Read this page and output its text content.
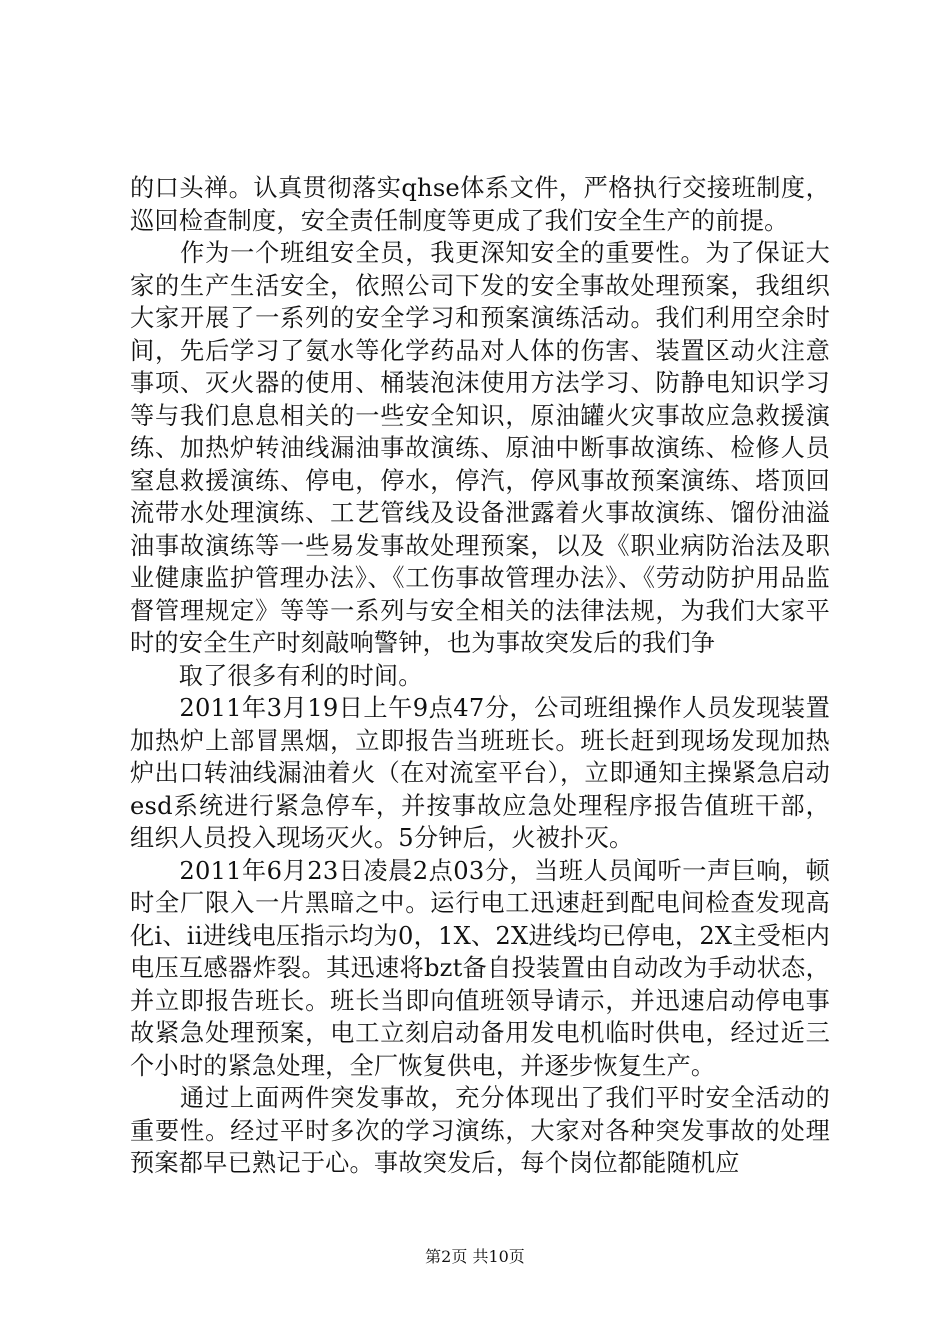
的口头禅。认真贯彻落实qhse体系文件，严格执行交接班制度，巡回检查制度，安全责任制度等更成了我们安全生产的前提。

　　作为一个班组安全员，我更深知安全的重要性。为了保证大家的生产生活安全，依照公司下发的安全事故处理预案，我组织大家开展了一系列的安全学习和预案演练活动。我们利用空余时间，先后学习了氨水等化学药品对人体的伤害、装置区动火注意事项、灭火器的使用、桶装泡沫使用方法学习、防静电知识学习等与我们息息相关的一些安全知识，原油罐火灾事故应急救援演练、加热炉转油线漏油事故演练、原油中断事故演练、检修人员窒息救援演练、停电，停水，停汽，停风事故预案演练、塔顶回流带水处理演练、工艺管线及设备泄露着火事故演练、馏份油溢油事故演练等一些易发事故处理预案，以及《职业病防治法及职业健康监护管理办法》、《工伤事故管理办法》、《劳动防护用品监督管理规定》等等一系列与安全相关的法律法规，为我们大家平时的安全生产时刻敲响警钟，也为事故突发后的我们争

　　取了很多有利的时间。

　　2011年3月19日上午9点47分，公司班组操作人员发现装置加热炉上部冒黑烟，立即报告当班班长。班长赶到现场发现加热炉出口转油线漏油着火（在对流室平台），立即通知主操紧急启动esd系统进行紧急停车，并按事故应急处理程序报告值班干部，组织人员投入现场灭火。5分钟后，火被扑灭。

　　2011年6月23日凌晨2点03分，当班人员闻听一声巨响，顿时全厂限入一片黑暗之中。运行电工迅速赶到配电间检查发现高化i、ii进线电压指示均为0，1X、2X进线均已停电，2X主受柜内电压互感器炸裂。其迅速将bzt备自投装置由自动改为手动状态，并立即报告班长。班长当即向值班领导请示，并迅速启动停电事故紧急处理预案，电工立刻启动备用发电机临时供电，经过近三个小时的紧急处理，全厂恢复供电，并逐步恢复生产。

　　通过上面两件突发事故，充分体现出了我们平时安全活动的重要性。经过平时多次的学习演练，大家对各种突发事故的处理预案都早已熟记于心。事故突发后，每个岗位都能随机应

第2页 共10页
